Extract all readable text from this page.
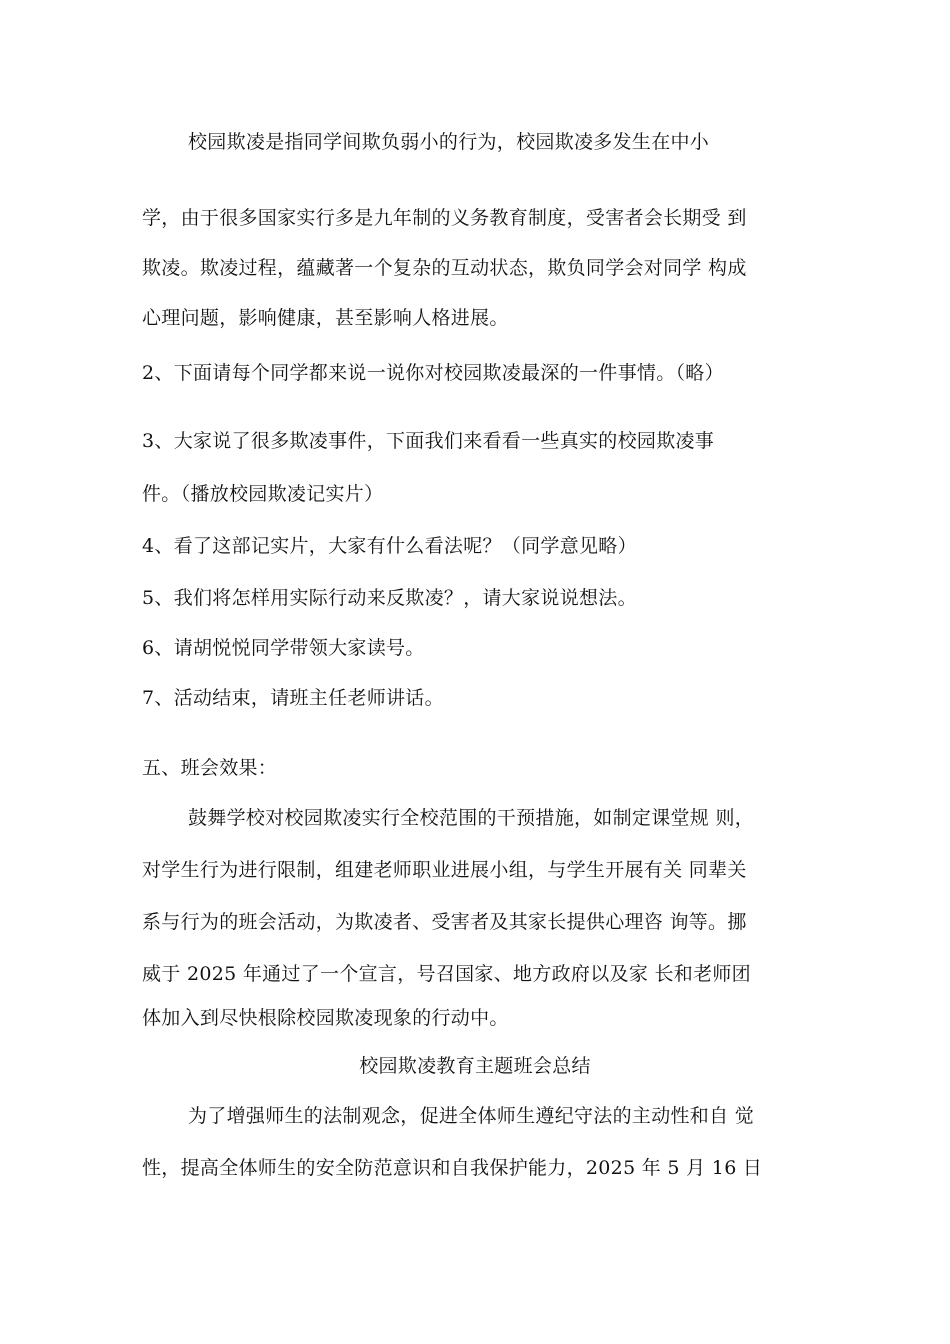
校园欺凌是指同学间欺负弱小的行为，校园欺凌多发生在中小
学，由于很多国家实行多是九年制的义务教育制度，受害者会长期受 到
欺凌。欺凌过程，蕴藏著一个复杂的互动状态，欺负同学会对同学 构成
心理问题，影响健康，甚至影响人格进展。
2、下面请每个同学都来说一说你对校园欺凌最深的一件事情。（略）
3、大家说了很多欺凌事件，下面我们来看看一些真实的校园欺凌事
件。（播放校园欺凌记实片）
4、看了这部记实片，大家有什么看法呢？（同学意见略）
5、我们将怎样用实际行动来反欺凌？，请大家说说想法。
6、请胡悦悦同学带领大家读号。
7、活动结束，请班主任老师讲话。
五、班会效果：
鼓舞学校对校园欺凌实行全校范围的干预措施，如制定课堂规 则，
对学生行为进行限制，组建老师职业进展小组，与学生开展有关 同辈关
系与行为的班会活动，为欺凌者、受害者及其家长提供心理咨 询等。挪
威于 2025 年通过了一个宣言，号召国家、地方政府以及家 长和老师团
体加入到尽快根除校园欺凌现象的行动中。
校园欺凌教育主题班会总结
为了增强师生的法制观念，促进全体师生遵纪守法的主动性和自 觉
性，提高全体师生的安全防范意识和自我保护能力，2025 年 5 月 16 日
